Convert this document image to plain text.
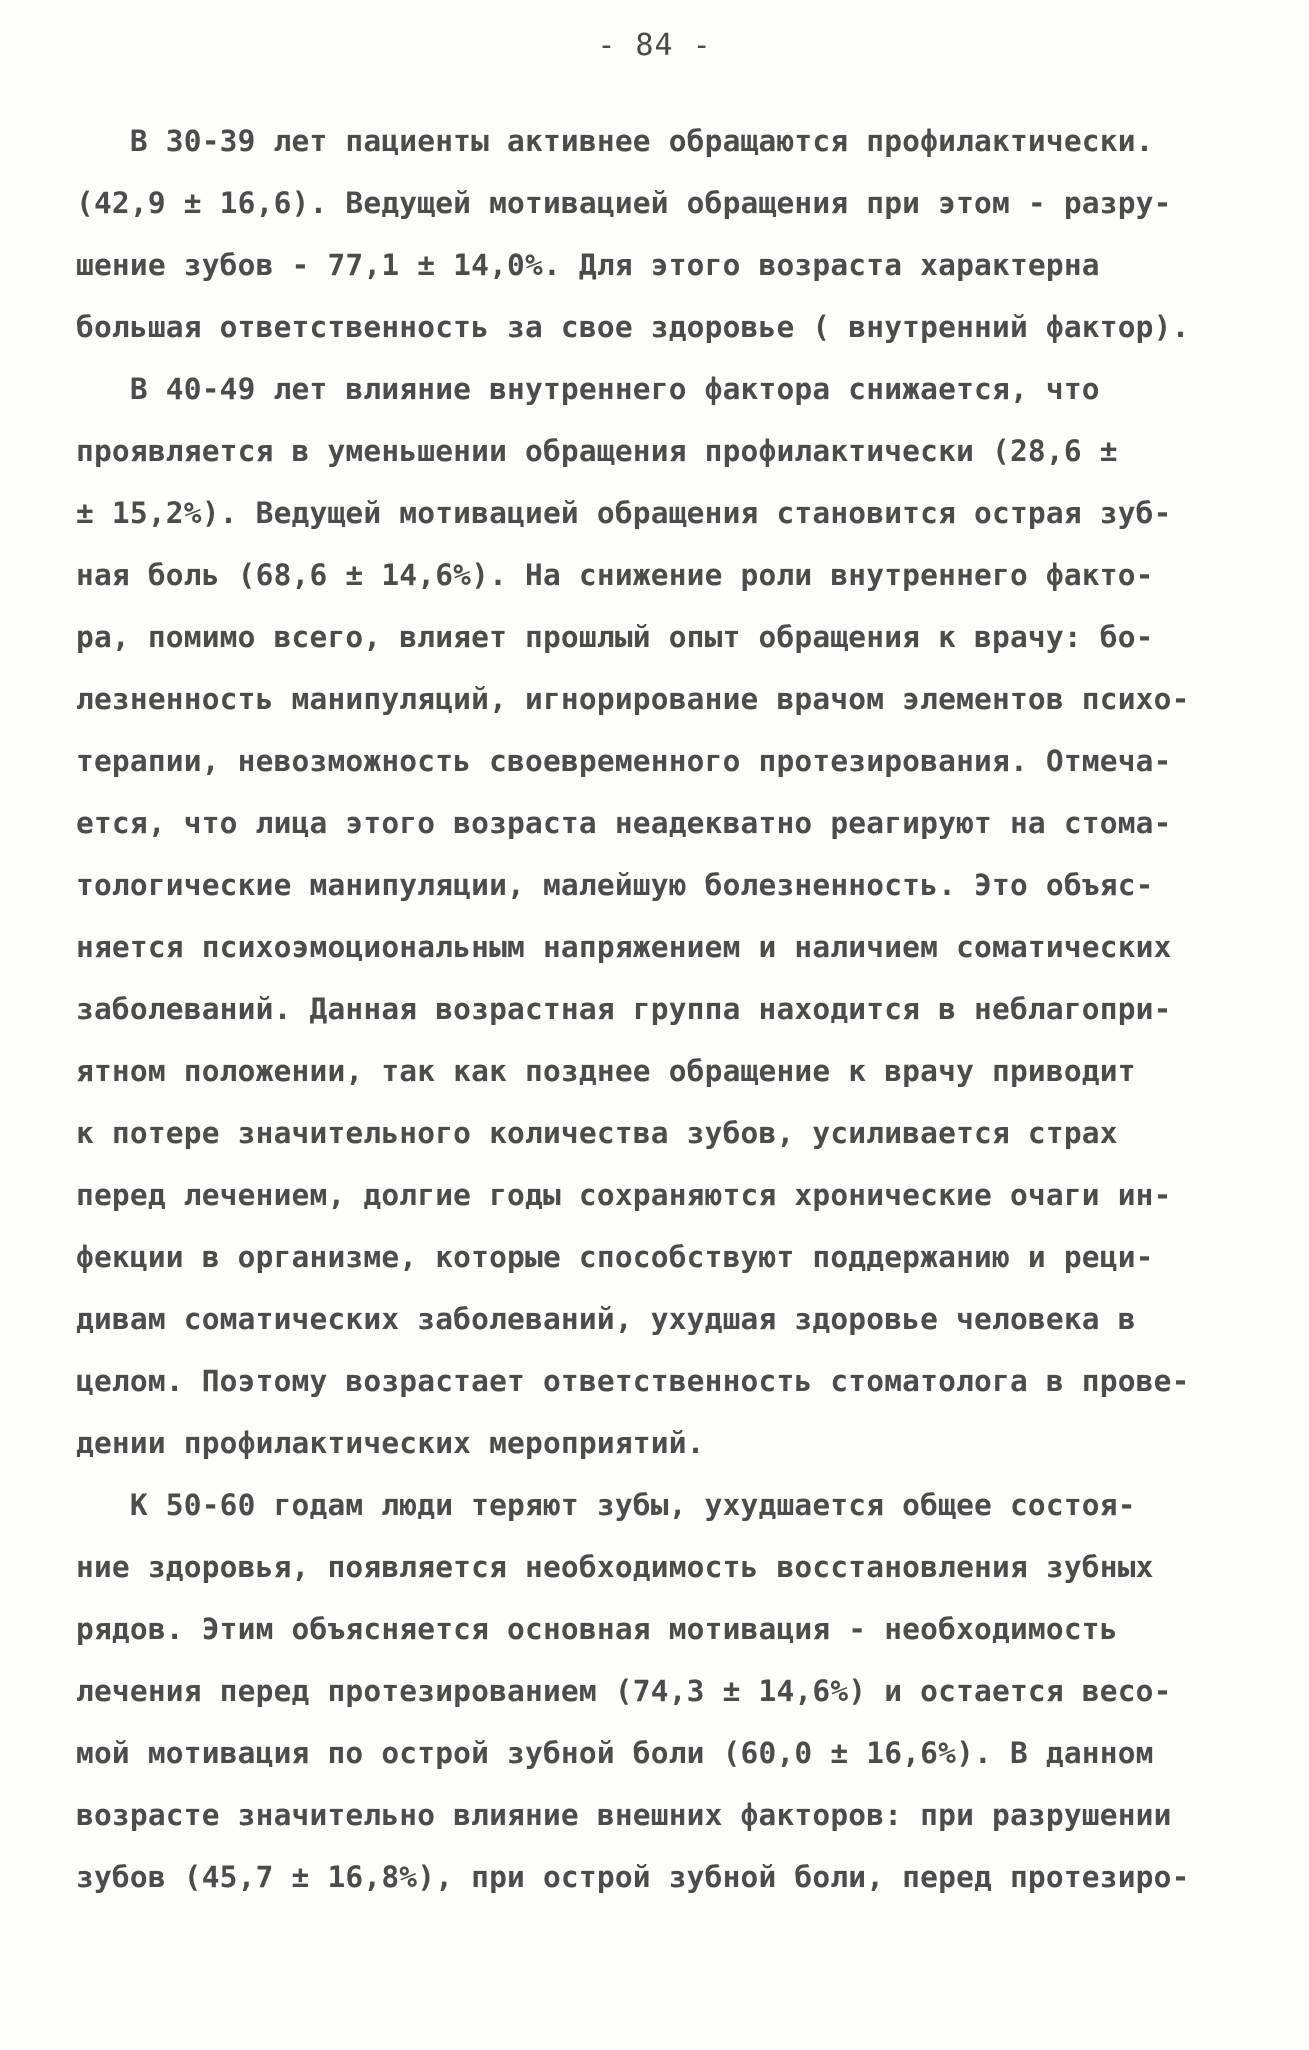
- 84 -
В 30-39 лет пациенты активнее обращаются профилактически.
(42,9 ± 16,6). Ведущей мотивацией обращения при этом - разру-
шение зубов - 77,1 ± 14,0%. Для этого возраста характерна
большая ответственность за свое здоровье ( внутренний фактор).
В 40-49 лет влияние внутреннего фактора снижается, что
проявляется в уменьшении обращения профилактически (28,6 ±
± 15,2%). Ведущей мотивацией обращения становится острая зуб-
ная боль (68,6 ± 14,6%). На снижение роли внутреннего факто-
ра, помимо всего, влияет прошлый опыт обращения к врачу: бо-
лезненность манипуляций, игнорирование врачом элементов психо-
терапии, невозможность своевременного протезирования. Отмеча-
ется, что лица этого возраста неадекватно реагируют на стома-
тологические манипуляции, малейшую болезненность. Это объяс-
няется психоэмоциональным напряжением и наличием соматических
заболеваний. Данная возрастная группа находится в неблагопри-
ятном положении, так как позднее обращение к врачу приводит
к потере значительного количества зубов, усиливается страх
перед лечением, долгие годы сохраняются хронические очаги ин-
фекции в организме, которые способствуют поддержанию и реци-
дивам соматических заболеваний, ухудшая здоровье человека в
целом. Поэтому возрастает ответственность стоматолога в прове-
дении профилактических мероприятий.
К 50-60 годам люди теряют зубы, ухудшается общее состоя-
ние здоровья, появляется необходимость восстановления зубных
рядов. Этим объясняется основная мотивация - необходимость
лечения перед протезированием (74,3 ± 14,6%) и остается весо-
мой мотивация по острой зубной боли (60,0 ± 16,6%). В данном
возрасте значительно влияние внешних факторов: при разрушении
зубов (45,7 ± 16,8%), при острой зубной боли, перед протезиро-
